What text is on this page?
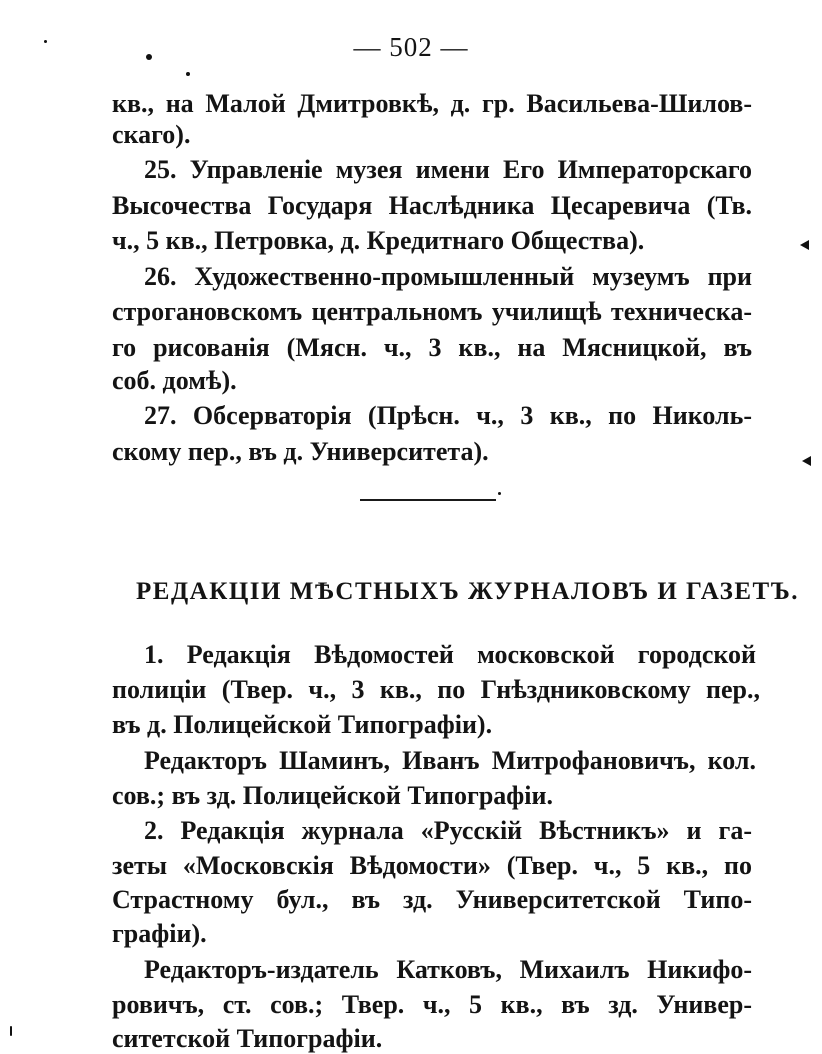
— 502 —
кв., на Малой Дмитровкѣ, д. гр. Васильева-Шилов-
скаго).
25. Управленіе музея имени Его Императорскаго
Высочества Государя Наслѣдника Цесаревича (Тв.
ч., 5 кв., Петровка, д. Кредитнаго Общества).
26. Художественно-промышленный музеумъ при
строгановскомъ центральномъ училищѣ техническа-
го рисованія (Мясн. ч., 3 кв., на Мясницкой, въ
соб. домѣ).
27. Обсерваторія (Прѣсн. ч., 3 кв., по Николь-
скому пер., въ д. Университета).
РЕДАКЦІИ МѢСТНЫХЪ ЖУРНАЛОВЪ И ГАЗЕТЪ.
1. Редакція Вѣдомостей московской городской
полиціи (Твер. ч., 3 кв., по Гнѣздниковскому пер.,
въ д. Полицейской Типографіи).
Редакторъ Шаминъ, Иванъ Митрофановичъ, кол.
сов.; въ зд. Полицейской Типографіи.
2. Редакція журнала «Русскій Вѣстникъ» и га-
зеты «Московскія Вѣдомости» (Твер. ч., 5 кв., по
Страстному бул., въ зд. Университетской Типо-
графіи).
Редакторъ-издатель Катковъ, Михаилъ Никифо-
ровичъ, ст. сов.; Твер. ч., 5 кв., въ зд. Универ-
ситетской Типографіи.
